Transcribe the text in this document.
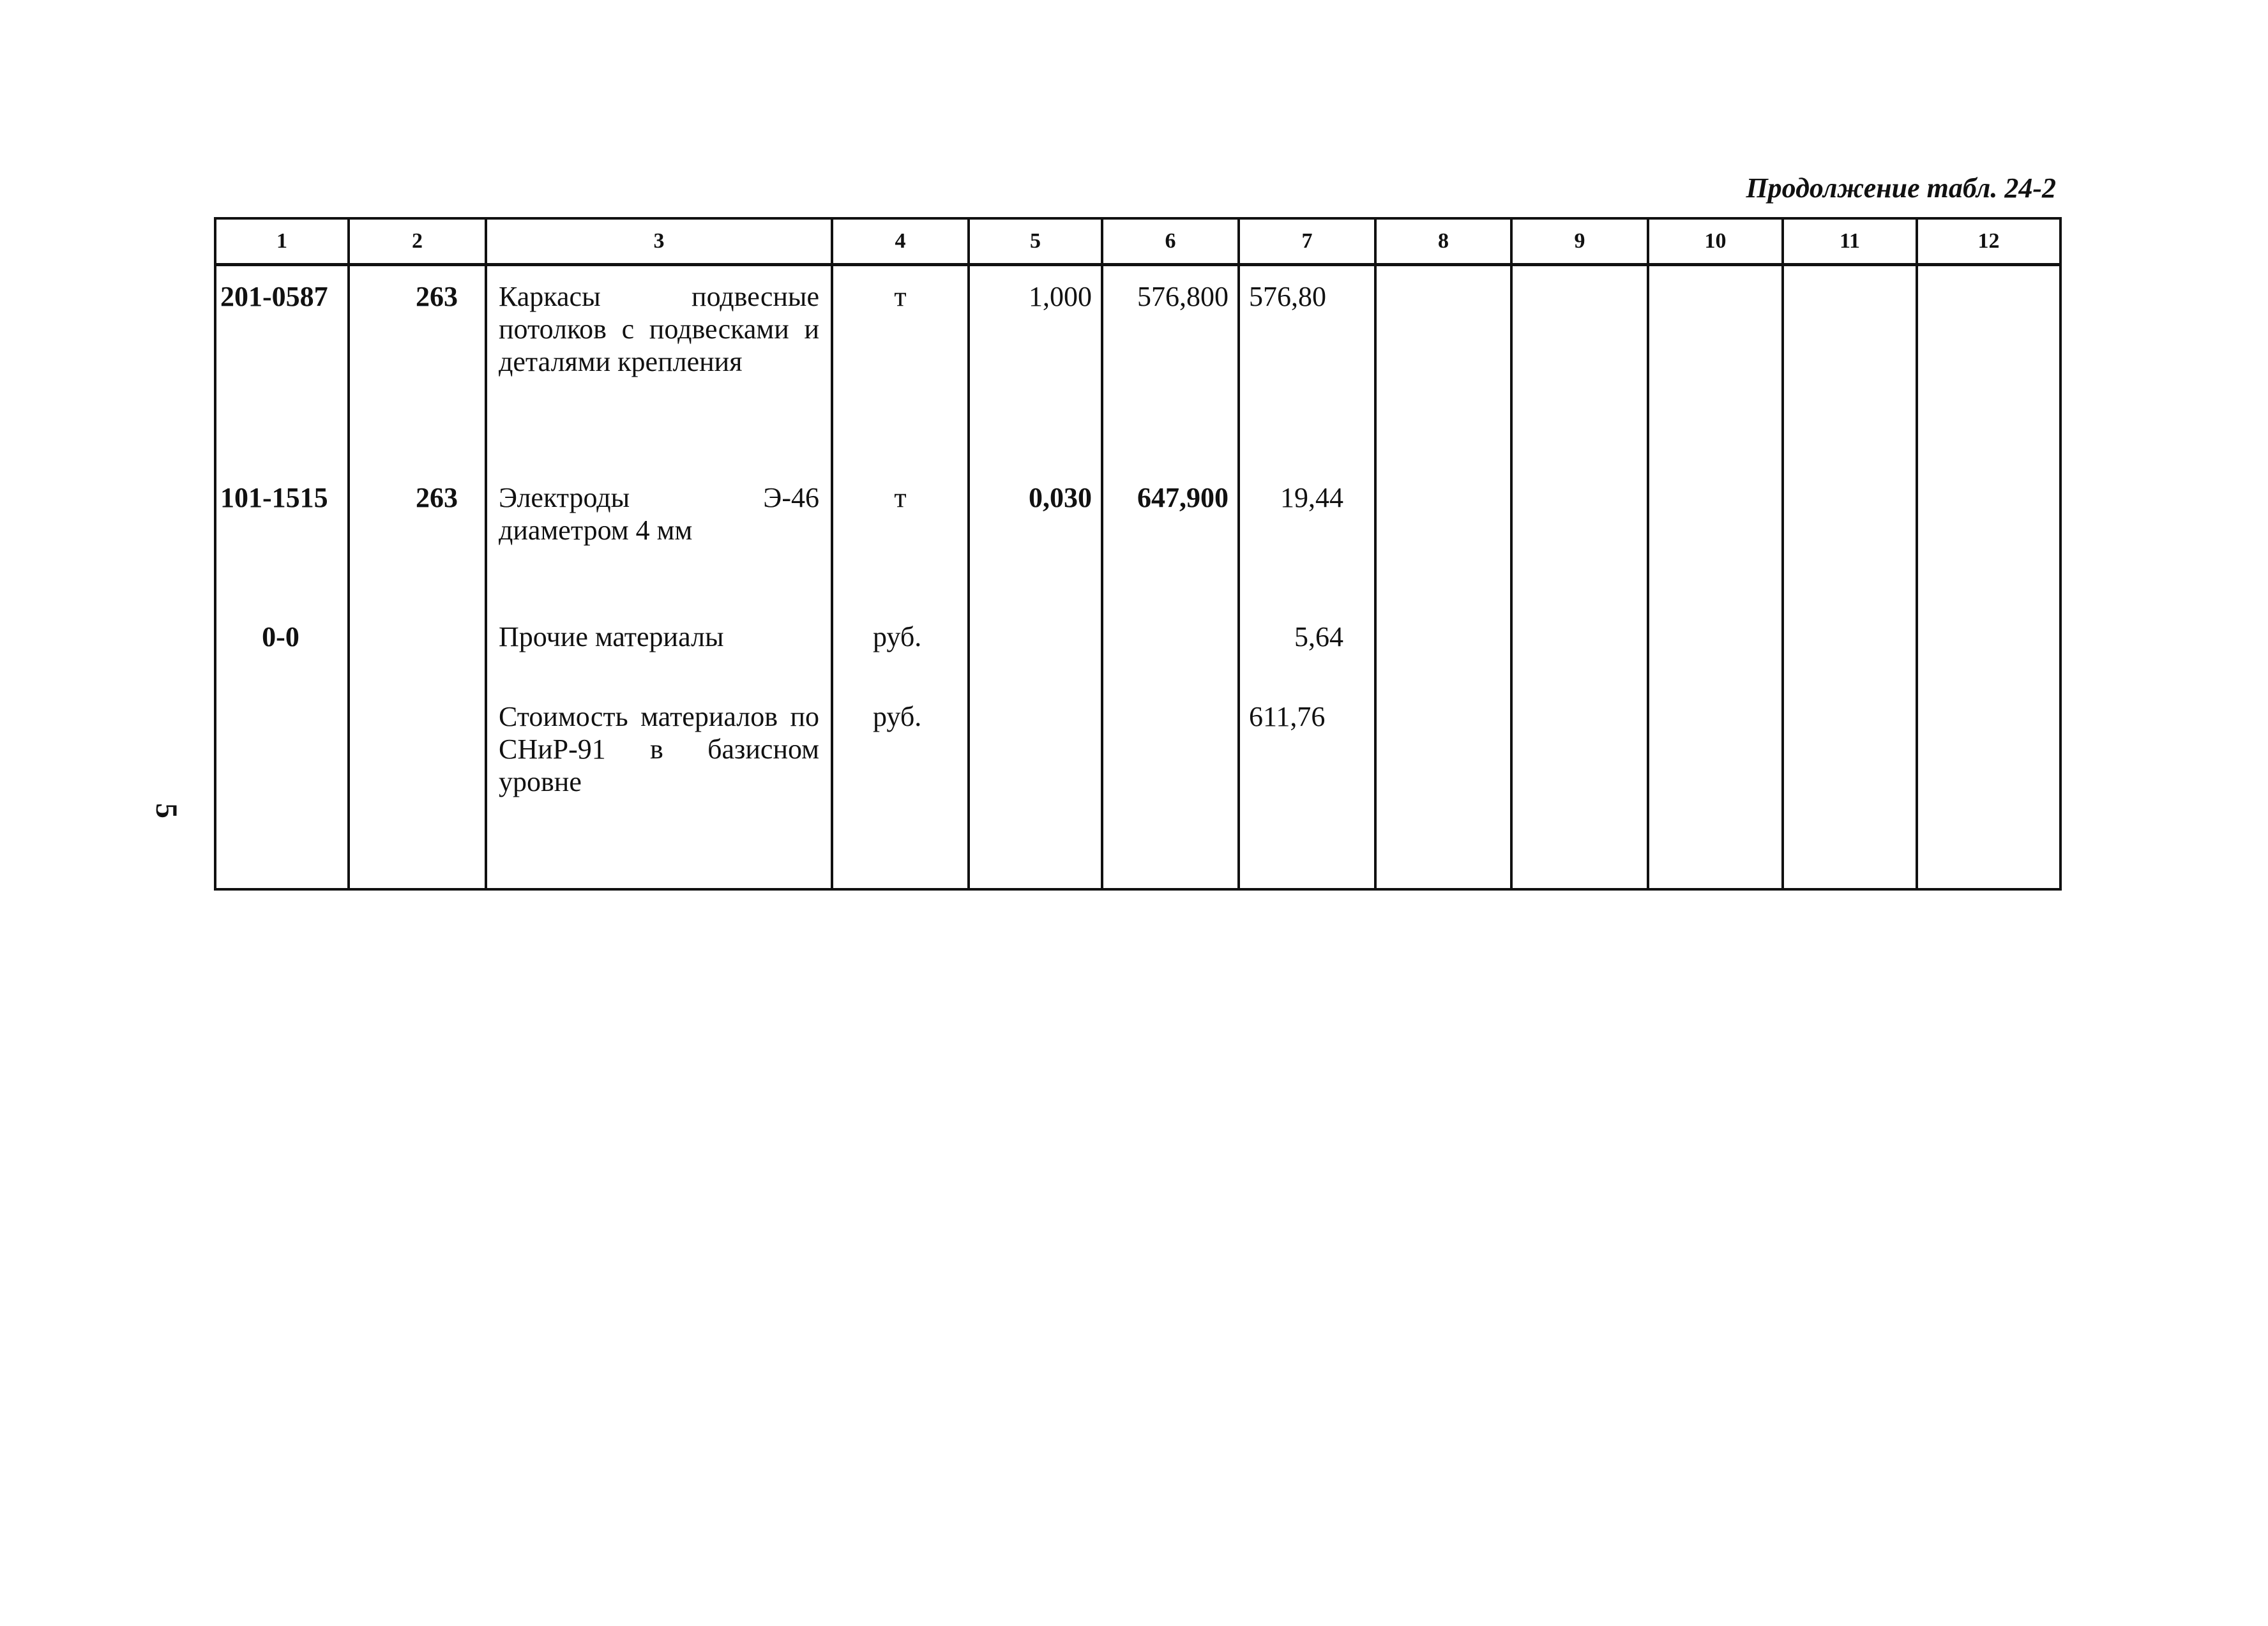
Продолжение табл. 24-2
5
1	2	3	4	5	6	7	8	9	10	11	12
201-0587	263	Каркасы подвесные потолков с подвесками и деталями крепления	т	1,000	576,800	576,80					
101-1515	263	Электроды Э-46 диаметром 4 мм	т	0,030	647,900	19,44					
0-0		Прочие материалы	руб.			5,64					
		Стоимость материалов по СНиР-91 в базисном уровне	руб.			611,76					
